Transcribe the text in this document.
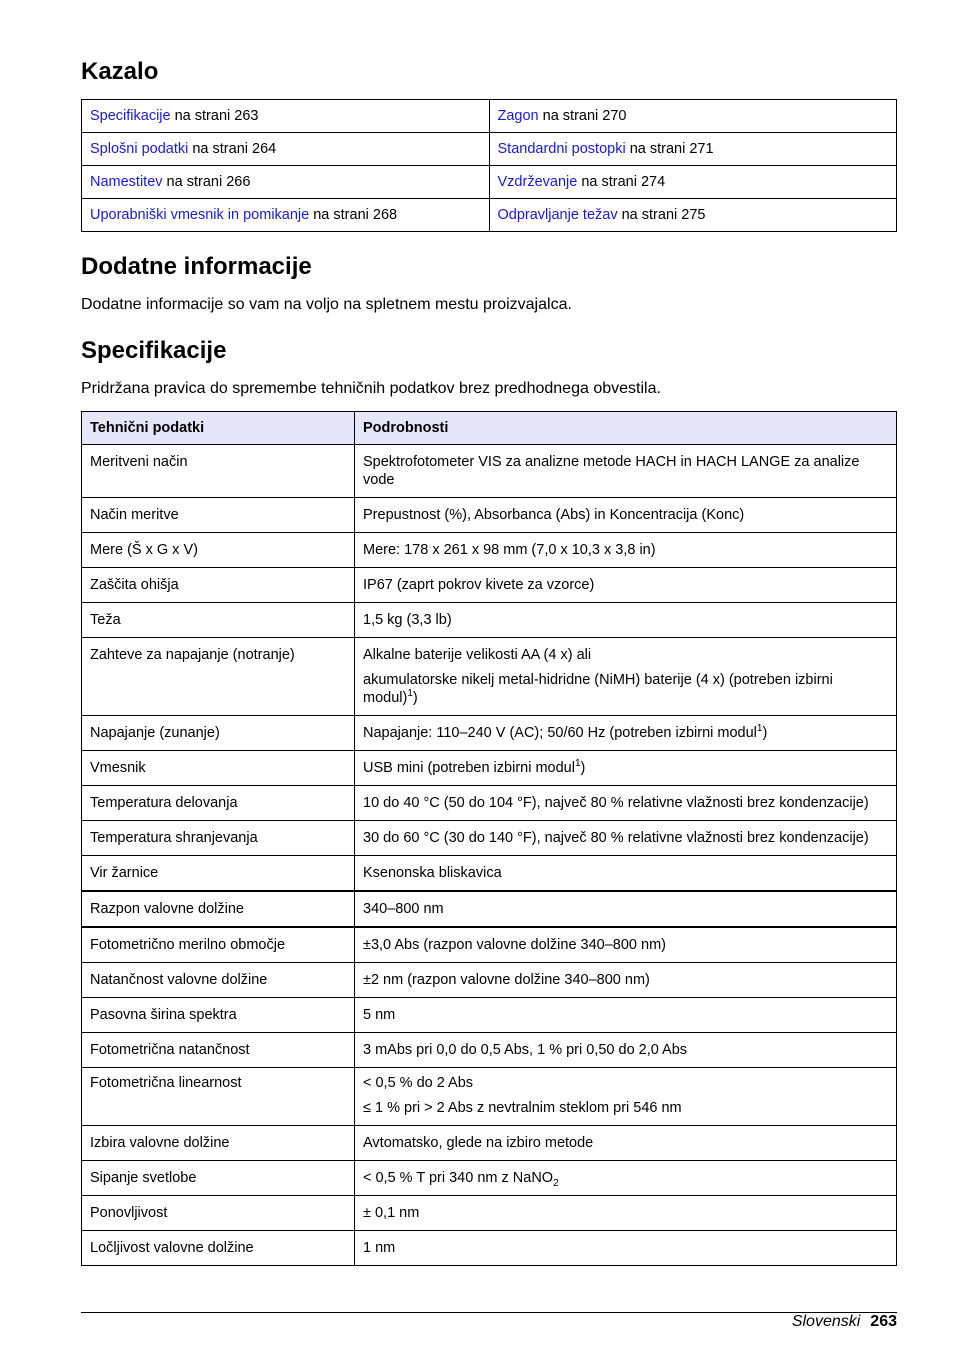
Kazalo
Specifikacije na strani 263	Zagon na strani 270
Splošni podatki na strani 264	Standardni postopki na strani 271
Namestitev na strani 266	Vzdrževanje na strani 274
Uporabniški vmesnik in pomikanje na strani 268	Odpravljanje težav na strani 275
Dodatne informacije

Dodatne informacije so vam na voljo na spletnem mestu proizvajalca.

Specifikacije

Pridržana pravica do spremembe tehničnih podatkov brez predhodnega obvestila.

Tehnični podatki	Podrobnosti
Meritveni način	Spektrofotometer VIS za analizne metode HACH in HACH LANGE za analize vode
Način meritve	Prepustnost (%), Absorbanca (Abs) in Koncentracija (Konc)
Mere (Š x G x V)	Mere: 178 x 261 x 98 mm (7,0 x 10,3 x 3,8 in)
Zaščita ohišja	IP67 (zaprt pokrov kivete za vzorce)
Teža	1,5 kg (3,3 lb)
Zahteve za napajanje (notranje)	Alkalne baterije velikosti AA (4 x) ali
akumulatorske nikelj metal-hidridne (NiMH) baterije (4 x) (potreben izbirni modul)$^1$)

Napajanje (zunanje)	Napajanje: 110–240 V (AC); 50/60 Hz (potreben izbirni modul$^1$)
Vmesnik	USB mini (potreben izbirni modul$^1$)
Temperatura delovanja	10 do 40 °C (50 do 104 °F), največ 80 % relativne vlažnosti brez kondenzacije)
Temperatura shranjevanja	30 do 60 °C (30 do 140 °F), največ 80 % relativne vlažnosti brez kondenzacije)
Vir žarnice	Ksenonska bliskavica
Razpon valovne dolžine	340–800 nm
Fotometrično merilno območje	±3,0 Abs (razpon valovne dolžine 340–800 nm)
Natančnost valovne dolžine	±2 nm (razpon valovne dolžine 340–800 nm)
Pasovna širina spektra	5 nm
Fotometrična natančnost	3 mAbs pri 0,0 do 0,5 Abs, 1 % pri 0,50 do 2,0 Abs
Fotometrična linearnost	< 0,5 % do 2 Abs
≤ 1 % pri > 2 Abs z nevtralnim steklom pri 546 nm

Izbira valovne dolžine	Avtomatsko, glede na izbiro metode
Sipanje svetlobe	< 0,5 % T pri 340 nm z NaNO$_2$
Ponovljivost	± 0,1 nm
Ločljivost valovne dolžine	1 nm
Slovenski 263
